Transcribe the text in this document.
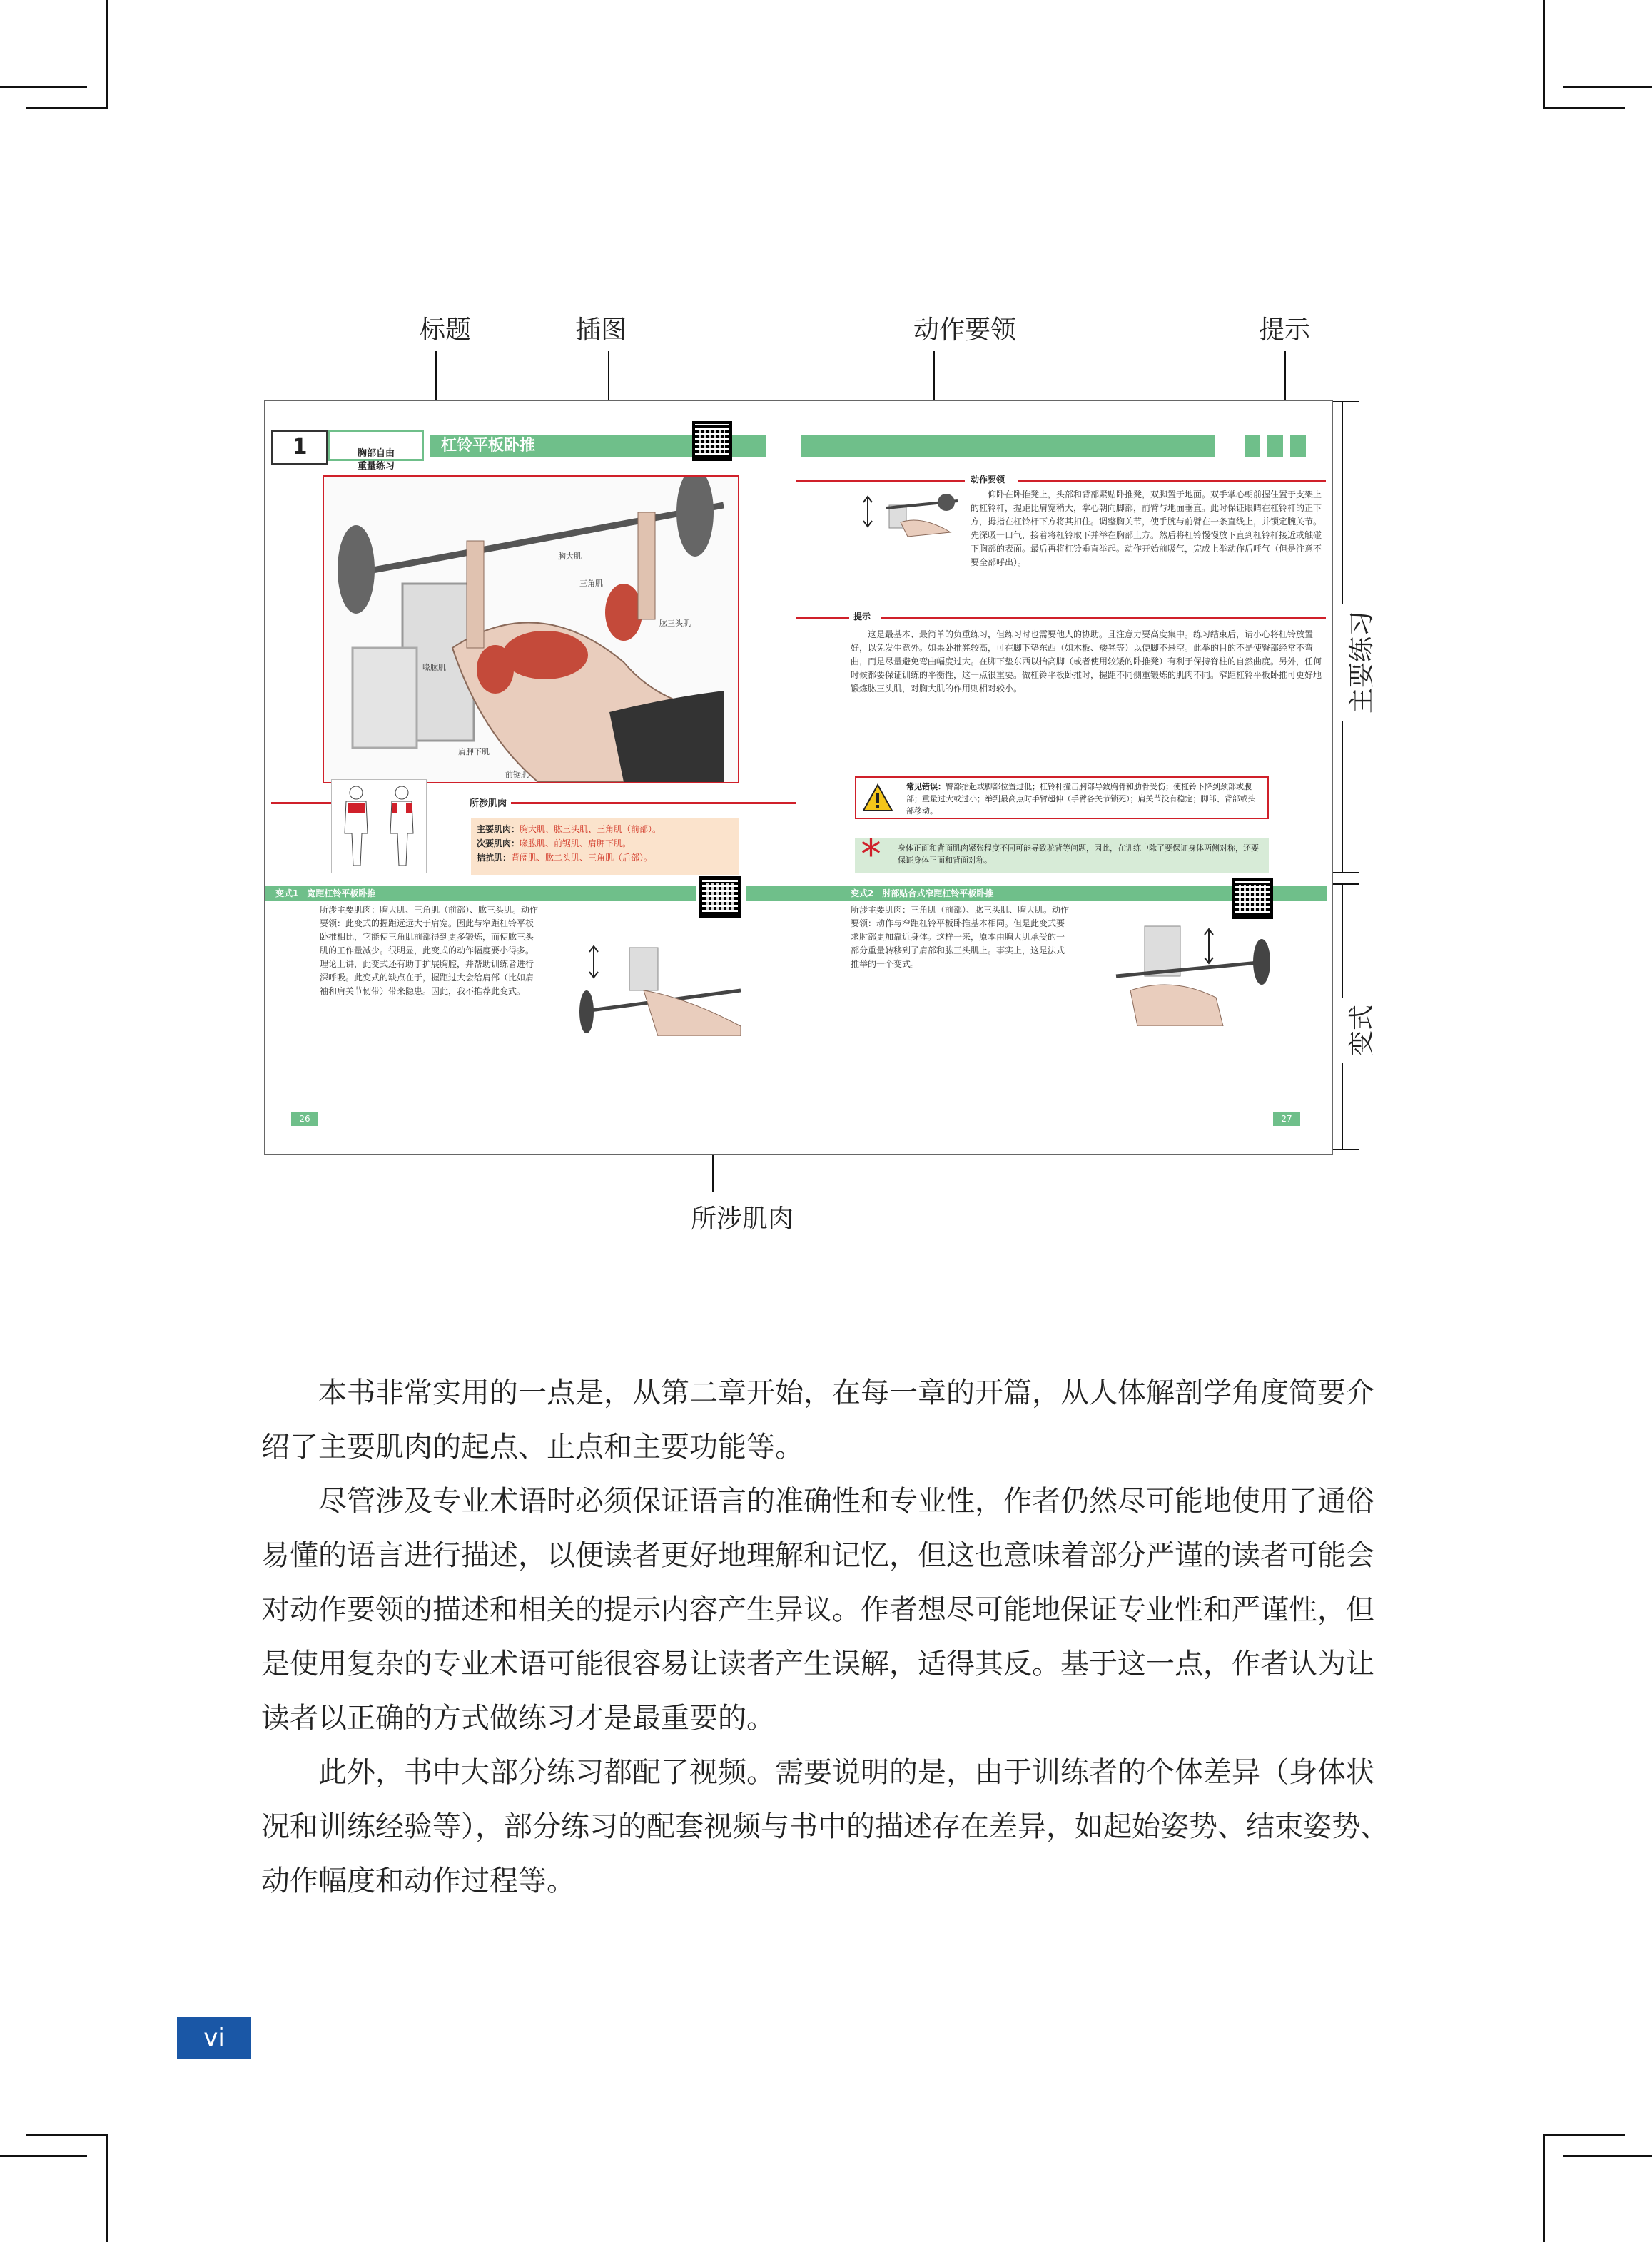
标题	插图	动作要领	提示
主要练习
变式
1	胸部自由
重量练习

杠铃平板卧推
胸大肌
三角肌
肱三头肌
喙肱肌
肩胛下肌
前锯肌
所涉肌肉
主要肌肉：胸大肌、肱三头肌、三角肌（前部）。
次要肌肉：喙肱肌、前锯肌、肩胛下肌。
拮抗肌：背阔肌、肱二头肌、三角肌（后部）。
动作要领
仰卧在卧推凳上，头部和背部紧贴卧推凳，双脚置于地面。双手掌心朝前握住置于支架上的杠铃杆，握距比肩宽稍大，掌心朝向脚部，前臂与地面垂直。此时保证眼睛在杠铃杆的正下方，拇指在杠铃杆下方将其扣住。调整胸关节，使手腕与前臂在一条直线上，并锁定腕关节。先深吸一口气，接着将杠铃取下并举在胸部上方。然后将杠铃慢慢放下直到杠铃杆接近或触碰下胸部的表面。最后再将杠铃垂直举起。动作开始前吸气，完成上举动作后呼气（但是注意不要全部呼出）。
提示
这是最基本、最简单的负重练习，但练习时也需要他人的协助。且注意力要高度集中。练习结束后，请小心将杠铃放置好，以免发生意外。如果卧推凳较高，可在脚下垫东西（如木板、矮凳等）以便脚不悬空。此举的目的不是使臀部经常不弯曲，而是尽量避免弯曲幅度过大。在脚下垫东西以抬高脚（或者使用较矮的卧推凳）有利于保持脊柱的自然曲度。另外，任何时候都要保证训练的平衡性，这一点很重要。做杠铃平板卧推时，握距不同侧重锻炼的肌肉不同。窄距杠铃平板卧推可更好地锻炼肱三头肌，对胸大肌的作用则相对较小。
常见错误：臀部抬起或脚部位置过低；杠铃杆撞击胸部导致胸骨和肋骨受伤；使杠铃下降到颈部或腹部；重量过大或过小；举到最高点时手臂超伸（手臂各关节锁死）；肩关节没有稳定；脚部、背部或头部移动。
* 身体正面和背面肌肉紧张程度不同可能导致驼背等问题，因此，在训练中除了要保证身体两侧对称，还要保证身体正面和背面对称。
变式1　宽距杠铃平板卧推	变式2　肘部贴合式窄距杠铃平板卧推
所涉主要肌肉：胸大肌、三角肌（前部）、肱三头肌。动作要领：此变式的握距远远大于肩宽。因此与窄距杠铃平板卧推相比，它能使三角肌前部得到更多锻炼，而使肱三头肌的工作量减少。很明显，此变式的动作幅度要小得多。理论上讲，此变式还有助于扩展胸腔，并帮助训练者进行深呼吸。此变式的缺点在于，握距过大会给肩部（比如肩袖和肩关节韧带）带来隐患。因此，我不推荐此变式。
所涉主要肌肉：三角肌（前部）、肱三头肌、胸大肌。动作要领：动作与窄距杠铃平板卧推基本相同。但是此变式要求肘部更加靠近身体。这样一来，原本由胸大肌承受的一部分重量转移到了肩部和肱三头肌上。事实上，这是法式推举的一个变式。
26	27
所涉肌肉

本书非常实用的一点是，从第二章开始，在每一章的开篇，从人体解剖学角度简要介绍了主要肌肉的起点、止点和主要功能等。

尽管涉及专业术语时必须保证语言的准确性和专业性，作者仍然尽可能地使用了通俗易懂的语言进行描述，以便读者更好地理解和记忆，但这也意味着部分严谨的读者可能会对动作要领的描述和相关的提示内容产生异议。作者想尽可能地保证专业性和严谨性，但是使用复杂的专业术语可能很容易让读者产生误解，适得其反。基于这一点，作者认为让读者以正确的方式做练习才是最重要的。

此外，书中大部分练习都配了视频。需要说明的是，由于训练者的个体差异（身体状况和训练经验等），部分练习的配套视频与书中的描述存在差异，如起始姿势、结束姿势、动作幅度和动作过程等。

vi
